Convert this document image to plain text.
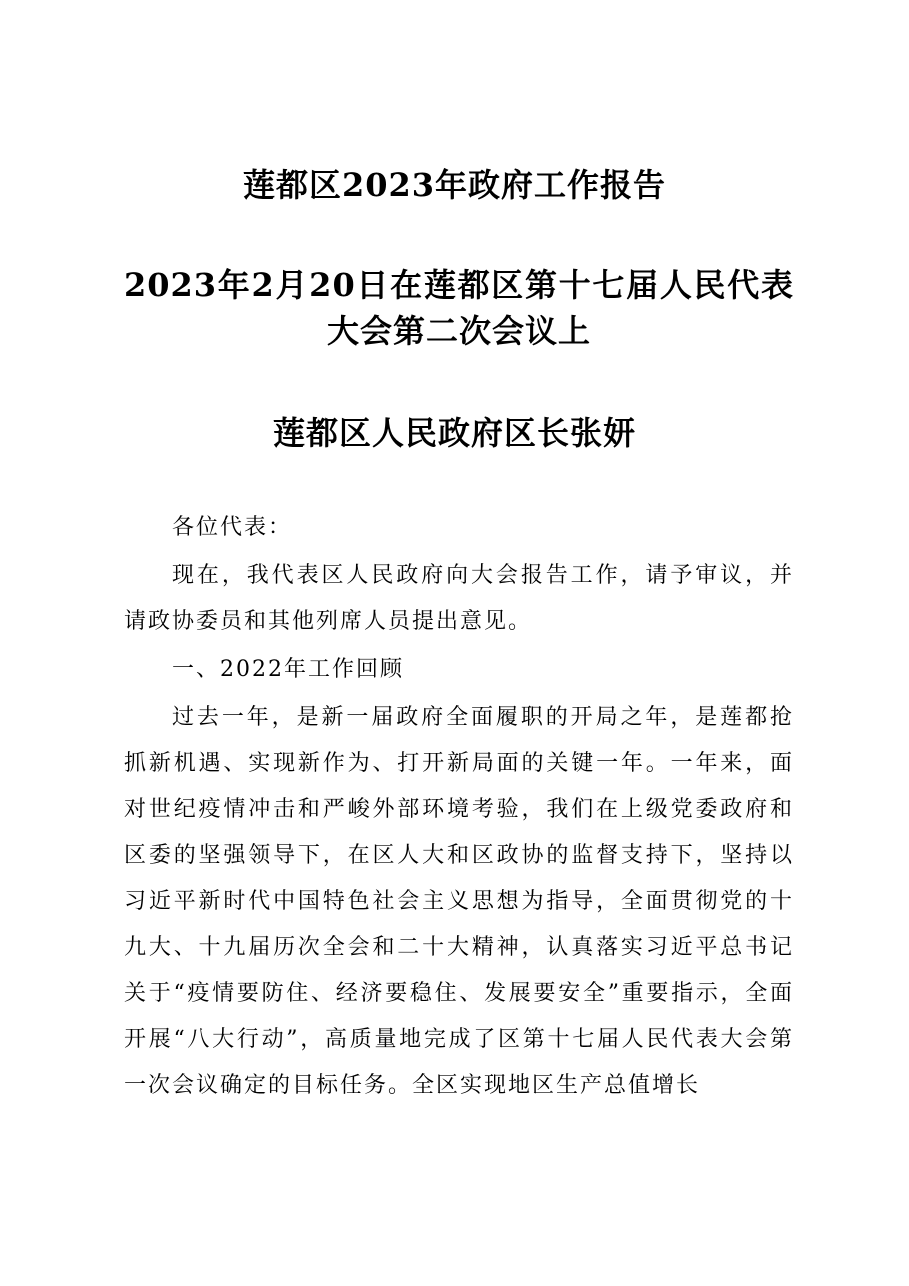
莲都区2023年政府工作报告
2023年2月20日在莲都区第十七届人民代表大会第二次会议上
莲都区人民政府区长张妍

各位代表：

现在，我代表区人民政府向大会报告工作，请予审议，并请政协委员和其他列席人员提出意见。

一、2022年工作回顾

过去一年，是新一届政府全面履职的开局之年，是莲都抢抓新机遇、实现新作为、打开新局面的关键一年。一年来，面对世纪疫情冲击和严峻外部环境考验，我们在上级党委政府和区委的坚强领导下，在区人大和区政协的监督支持下，坚持以习近平新时代中国特色社会主义思想为指导，全面贯彻党的十九大、十九届历次全会和二十大精神，认真落实习近平总书记关于“疫情要防住、经济要稳住、发展要安全”重要指示，全面开展“八大行动”，高质量地完成了区第十七届人民代表大会第一次会议确定的目标任务。全区实现地区生产总值增长
